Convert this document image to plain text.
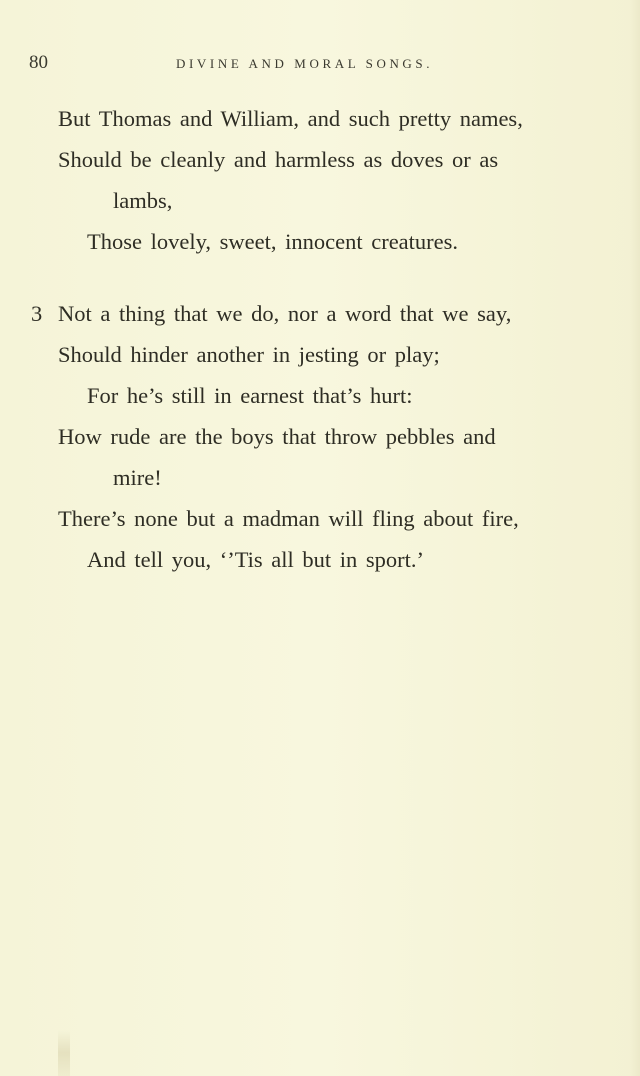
80	DIVINE AND MORAL SONGS.
But Thomas and William, and such pretty names,
Should be cleanly and harmless as doves or as
lambs,
Those lovely, sweet, innocent creatures.
3 Not a thing that we do, nor a word that we say,
Should hinder another in jesting or play;
For he’s still in earnest that’s hurt:
How rude are the boys that throw pebbles and
mire!
There’s none but a madman will fling about fire,
And tell you, ‘’Tis all but in sport.’
